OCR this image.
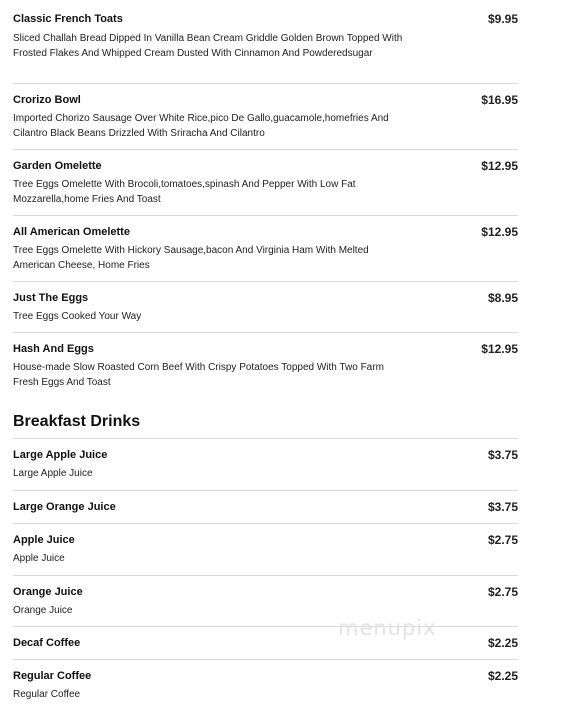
Classic French Toats	$9.95
Sliced Challah Bread Dipped In Vanilla Bean Cream Griddle Golden Brown Topped With Frosted Flakes And Whipped Cream Dusted With Cinnamon And Powderedsugar
Crorizo Bowl	$16.95
Imported Chorizo Sausage Over White Rice,pico De Gallo,guacamole,homefries And Cilantro Black Beans Drizzled With Sriracha And Cilantro
Garden Omelette	$12.95
Tree Eggs Omelette With Brocoli,tomatoes,spinash And Pepper With Low Fat Mozzarella,home Fries And Toast
All American Omelette	$12.95
Tree Eggs Omelette With Hickory Sausage,bacon And Virginia Ham With Melted American Cheese, Home Fries
Just The Eggs	$8.95
Tree Eggs Cooked Your Way
Hash And Eggs	$12.95
House-made Slow Roasted Corn Beef With Crispy Potatoes Topped With Two Farm Fresh Eggs And Toast
Breakfast Drinks
Large Apple Juice	$3.75
Large Apple Juice
Large Orange Juice	$3.75
Apple Juice	$2.75
Apple Juice
Orange Juice	$2.75
Orange Juice
Decaf Coffee	$2.25
Regular Coffee	$2.25
Regular Coffee
menupix
